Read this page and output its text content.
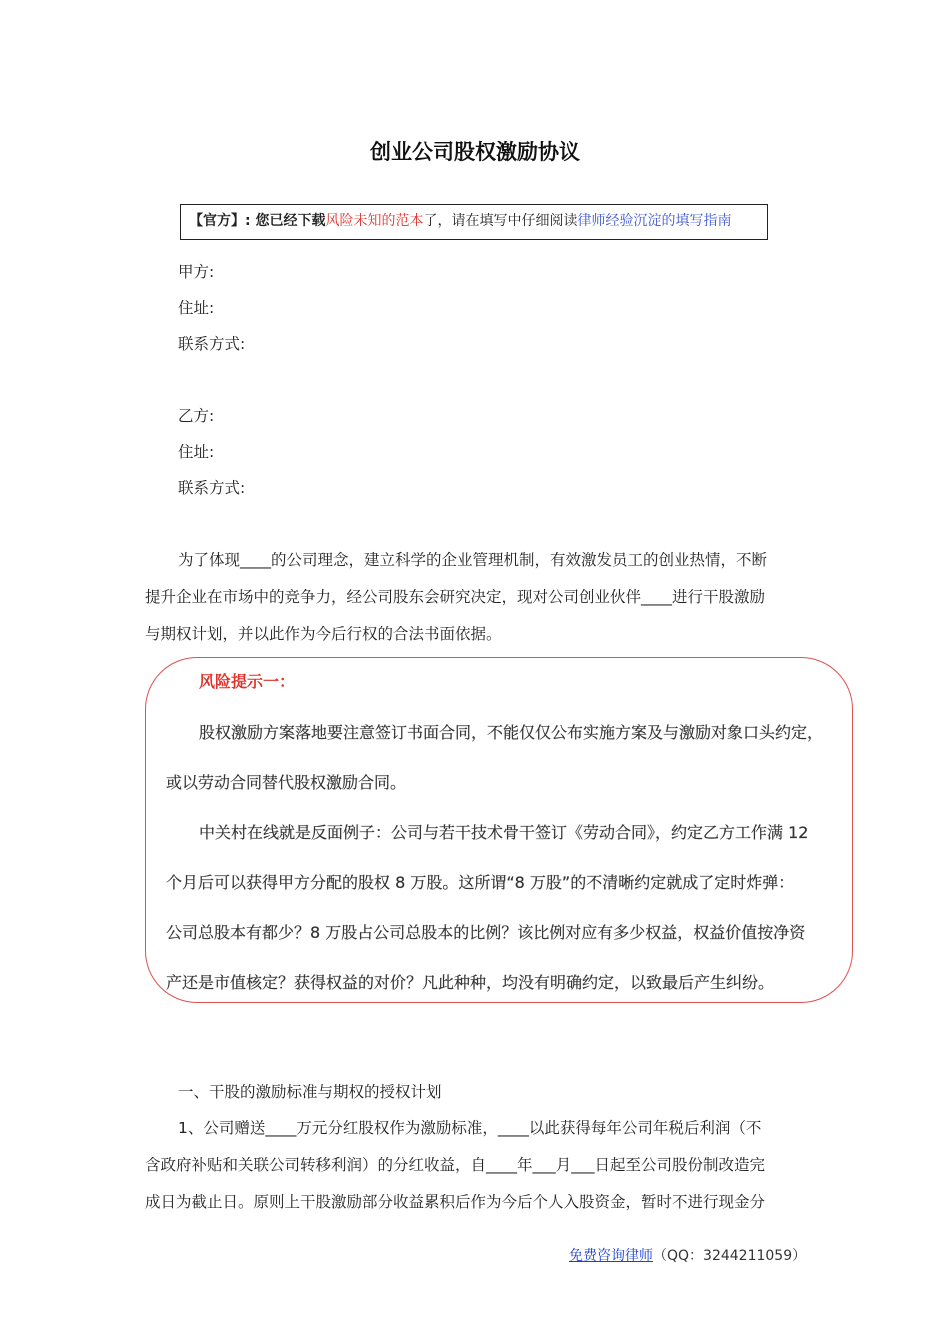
创业公司股权激励协议
【官方】: 您已经下载风险未知的范本了，请在填写中仔细阅读律师经验沉淀的填写指南
甲方:
住址:
联系方式:
乙方:
住址:
联系方式:
为了体现____的公司理念，建立科学的企业管理机制，有效激发员工的创业热情，不断
提升企业在市场中的竞争力，经公司股东会研究决定，现对公司创业伙伴____进行干股激励
与期权计划，并以此作为今后行权的合法书面依据。
风险提示一：
股权激励方案落地要注意签订书面合同，不能仅仅公布实施方案及与激励对象口头约定，
或以劳动合同替代股权激励合同。
中关村在线就是反面例子：公司与若干技术骨干签订《劳动合同》，约定乙方工作满 12
个月后可以获得甲方分配的股权 8 万股。这所谓“8 万股”的不清晰约定就成了定时炸弹：
公司总股本有都少？8 万股占公司总股本的比例？该比例对应有多少权益，权益价值按净资
产还是市值核定？获得权益的对价？凡此种种，均没有明确约定，以致最后产生纠纷。
一、干股的激励标准与期权的授权计划
1、公司赠送____万元分红股权作为激励标准，____以此获得每年公司年税后利润（不
含政府补贴和关联公司转移利润）的分红收益，自____年___月___日起至公司股份制改造完
成日为截止日。原则上干股激励部分收益累积后作为今后个人入股资金，暂时不进行现金分
免费咨询律师（QQ：3244211059）
